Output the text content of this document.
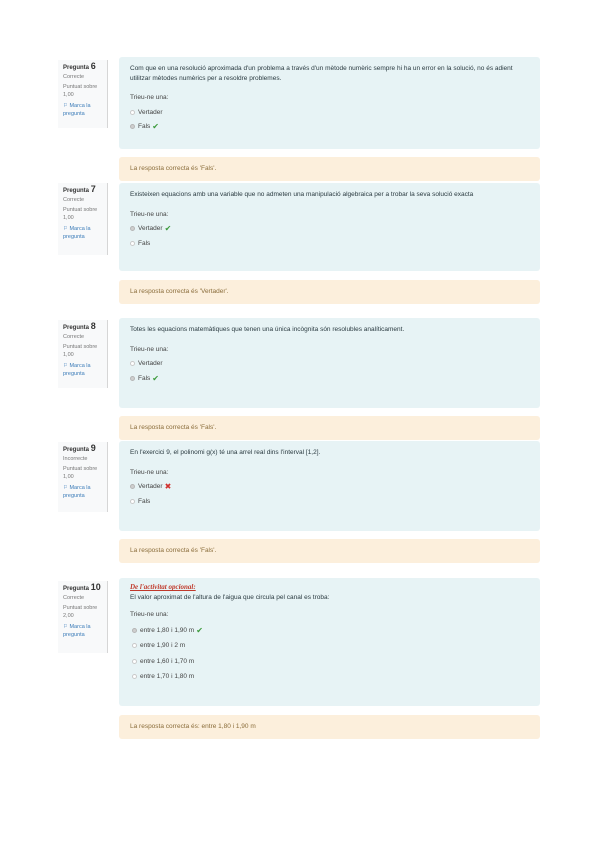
Pregunta 6
Correcte
Puntuat sobre 1,00
⚐ Marca la pregunta
Com que en una resolució aproximada d'un problema a través d'un mètode numèric sempre hi ha un error en la solució, no és adient utilitzar mètodes numèrics per a resoldre problemes.
Trieu-ne una:
Vertader
Fals ✔
La resposta correcta és 'Fals'.
Pregunta 7
Correcte
Puntuat sobre 1,00
⚐ Marca la pregunta
Existeixen equacions amb una variable que no admeten una manipulació algebraica per a trobar la seva solució exacta
Trieu-ne una:
Vertader ✔
Fals
La resposta correcta és 'Vertader'.
Pregunta 8
Correcte
Puntuat sobre 1,00
⚐ Marca la pregunta
Totes les equacions matemàtiques que tenen una única incògnita són resolubles analíticament.
Trieu-ne una:
Vertader
Fals ✔
La resposta correcta és 'Fals'.
Pregunta 9
Incorrecte
Puntuat sobre 1,00
⚐ Marca la pregunta
En l'exercici 9, el polinomi g(x) té una arrel real dins l'interval [1,2].
Trieu-ne una:
Vertader ✖
Fals
La resposta correcta és 'Fals'.
Pregunta 10
Correcte
Puntuat sobre 2,00
⚐ Marca la pregunta
De l'activitat opcional:
El valor aproximat de l'altura de l'aigua que circula pel canal es troba:
Trieu-ne una:
entre 1,80 i 1,90 m ✔
entre 1,90 i 2 m
entre 1,60 i 1,70 m
entre 1,70 i 1,80 m
La resposta correcta és: entre 1,80 i 1,90 m
